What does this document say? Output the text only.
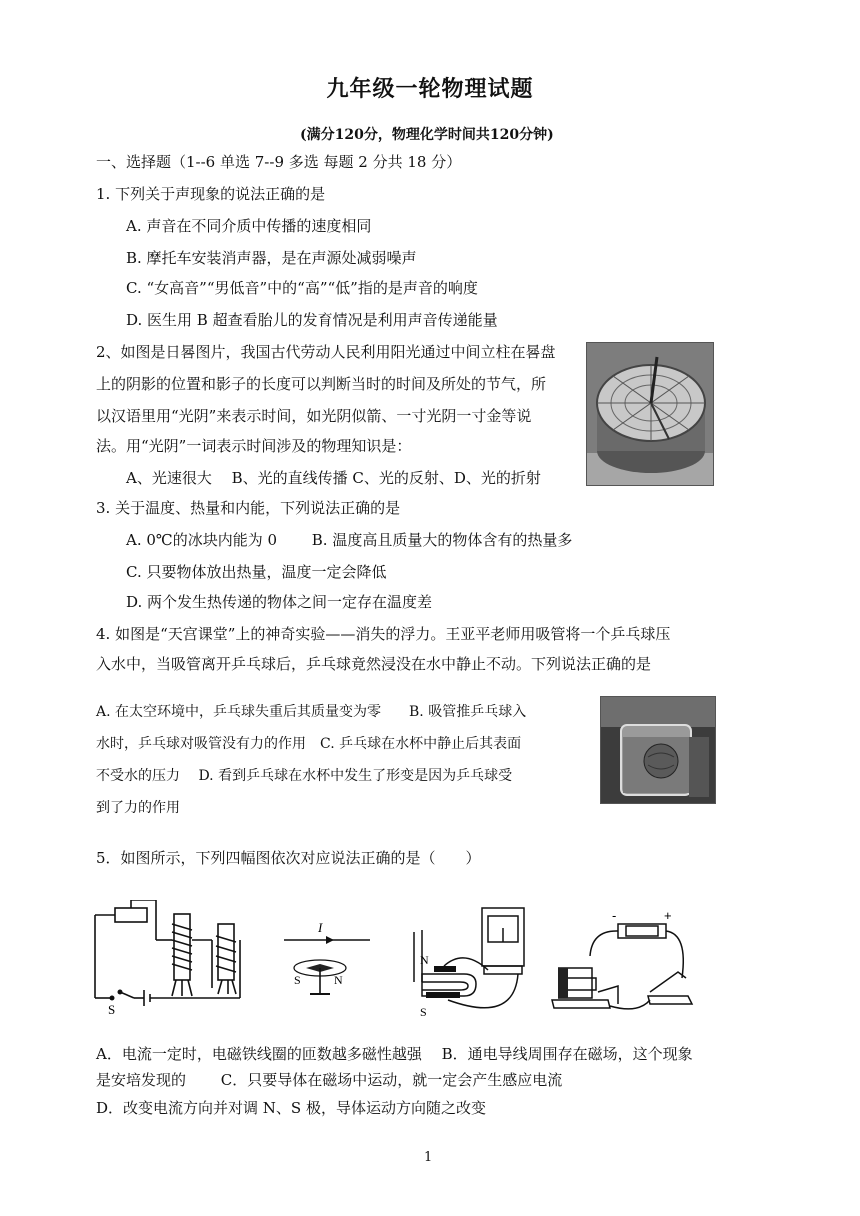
九年级一轮物理试题
(满分120分，物理化学时间共120分钟)
一、选择题（1--6 单选 7--9 多选 每题 2 分共 18 分）
1. 下列关于声现象的说法正确的是
A. 声音在不同介质中传播的速度相同
B. 摩托车安装消声器，是在声源处减弱噪声
C. “女高音”“男低音”中的“高”“低”指的是声音的响度
D. 医生用 B 超查看胎儿的发育情况是利用声音传递能量
2、如图是日晷图片，我国古代劳动人民利用阳光通过中间立柱在晷盘
上的阴影的位置和影子的长度可以判断当时的时间及所处的节气，所
以汉语里用“光阴”来表示时间，如光阴似箭、一寸光阴一寸金等说
法。用“光阴”一词表示时间涉及的物理知识是：
A、光速很大　 B、光的直线传播 C、光的反射、D、光的折射
3. 关于温度、热量和内能，下列说法正确的是
A. 0℃的冰块内能为 0　　 B. 温度高且质量大的物体含有的热量多
C. 只要物体放出热量，温度一定会降低
D. 两个发生热传递的物体之间一定存在温度差
4. 如图是“天宫课堂”上的神奇实验——消失的浮力。王亚平老师用吸管将一个乒乓球压
入水中，当吸管离开乒乓球后，乒乓球竟然浸没在水中静止不动。下列说法正确的是
A. 在太空环境中，乒乓球失重后其质量变为零　　B. 吸管推乒乓球入
水时，乒乓球对吸管没有力的作用　C. 乒乓球在水杯中静止后其表面
不受水的压力　 D. 看到乒乓球在水杯中发生了形变是因为乒乓球受
到了力的作用
5．如图所示，下列四幅图依次对应说法正确的是（　　）
S
I
S	N
N
S
-	+
A．电流一定时，电磁铁线圈的匝数越多磁性越强　 B．通电导线周围存在磁场，这个现象
是安培发现的　　 C．只要导体在磁场中运动，就一定会产生感应电流
D．改变电流方向并对调 N、S 极，导体运动方向随之改变
1
